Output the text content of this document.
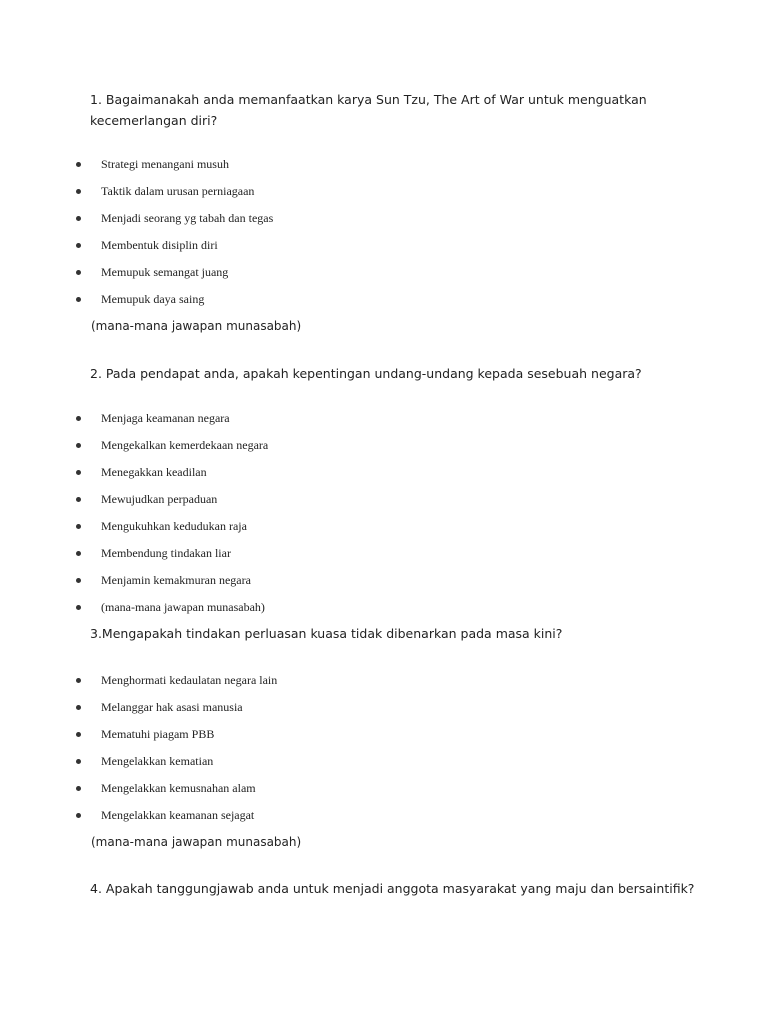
1. Bagaimanakah anda memanfaatkan karya Sun Tzu, The Art of War untuk menguatkan kecemerlangan diri?
Strategi menangani musuh
Taktik dalam urusan perniagaan
Menjadi seorang yg tabah dan tegas
Membentuk disiplin diri
Memupuk semangat juang
Memupuk daya saing
(mana-mana jawapan munasabah)
2. Pada pendapat anda, apakah kepentingan undang-undang kepada sesebuah negara?
Menjaga keamanan negara
Mengekalkan kemerdekaan negara
Menegakkan keadilan
Mewujudkan perpaduan
Mengukuhkan kedudukan raja
Membendung tindakan liar
Menjamin kemakmuran negara
(mana-mana jawapan munasabah)
3.Mengapakah tindakan perluasan kuasa tidak dibenarkan pada masa kini?
Menghormati kedaulatan negara lain
Melanggar hak asasi manusia
Mematuhi piagam PBB
Mengelakkan kematian
Mengelakkan kemusnahan alam
Mengelakkan keamanan sejagat
(mana-mana jawapan munasabah)
4. Apakah tanggungjawab anda untuk menjadi anggota masyarakat yang maju dan bersaintifik?
